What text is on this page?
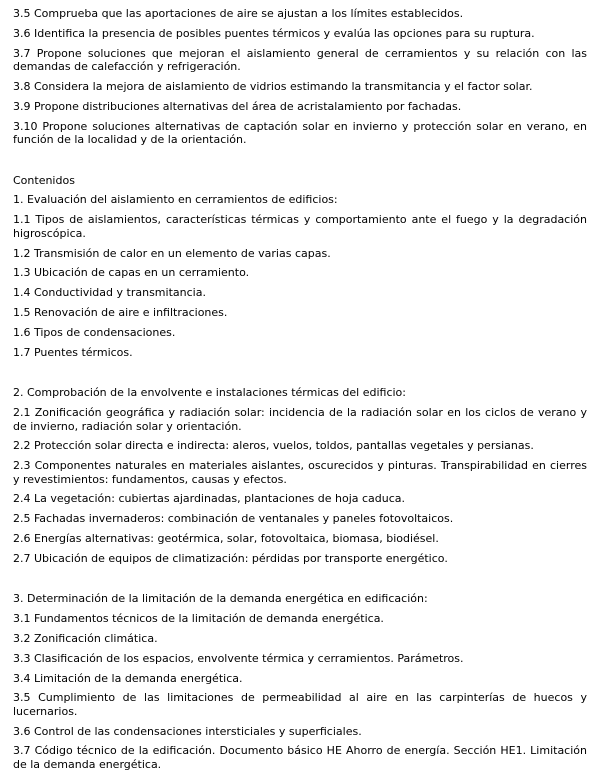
3.5 Comprueba que las aportaciones de aire se ajustan a los límites establecidos.

3.6 Identifica la presencia de posibles puentes térmicos y evalúa las opciones para su ruptura.

3.7 Propone soluciones que mejoran el aislamiento general de cerramientos y su relación con las demandas de calefacción y refrigeración.

3.8 Considera la mejora de aislamiento de vidrios estimando la transmitancia y el factor solar.

3.9 Propone distribuciones alternativas del área de acristalamiento por fachadas.

3.10 Propone soluciones alternativas de captación solar en invierno y protección solar en verano, en función de la localidad y de la orientación.

Contenidos

1. Evaluación del aislamiento en cerramientos de edificios:

1.1 Tipos de aislamientos, características térmicas y comportamiento ante el fuego y la degradación higroscópica.

1.2 Transmisión de calor en un elemento de varias capas.

1.3 Ubicación de capas en un cerramiento.

1.4 Conductividad y transmitancia.

1.5 Renovación de aire e infiltraciones.

1.6 Tipos de condensaciones.

1.7 Puentes térmicos.

2. Comprobación de la envolvente e instalaciones térmicas del edificio:

2.1 Zonificación geográfica y radiación solar: incidencia de la radiación solar en los ciclos de verano y de invierno, radiación solar y orientación.

2.2 Protección solar directa e indirecta: aleros, vuelos, toldos, pantallas vegetales y persianas.

2.3 Componentes naturales en materiales aislantes, oscurecidos y pinturas. Transpirabilidad en cierres y revestimientos: fundamentos, causas y efectos.

2.4 La vegetación: cubiertas ajardinadas, plantaciones de hoja caduca.

2.5 Fachadas invernaderos: combinación de ventanales y paneles fotovoltaicos.

2.6 Energías alternativas: geotérmica, solar, fotovoltaica, biomasa, biodiésel.

2.7 Ubicación de equipos de climatización: pérdidas por transporte energético.

3. Determinación de la limitación de la demanda energética en edificación:

3.1 Fundamentos técnicos de la limitación de demanda energética.

3.2 Zonificación climática.

3.3 Clasificación de los espacios, envolvente térmica y cerramientos. Parámetros.

3.4 Limitación de la demanda energética.

3.5 Cumplimiento de las limitaciones de permeabilidad al aire en las carpinterías de huecos y lucernarios.

3.6 Control de las condensaciones intersticiales y superficiales.

3.7 Código técnico de la edificación. Documento básico HE Ahorro de energía. Sección HE1. Limitación de la demanda energética.
